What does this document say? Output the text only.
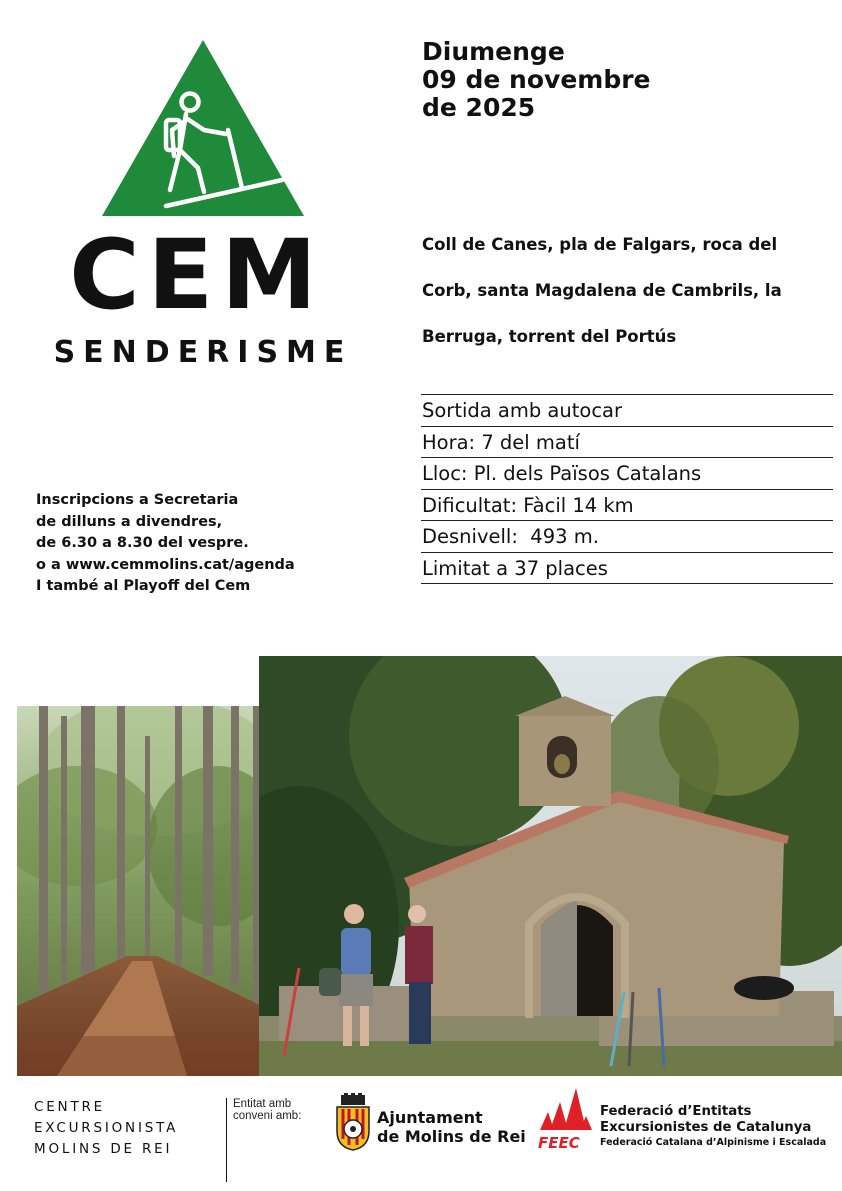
CEM
SENDERISME
Diumenge
09 de novembre
de 2025
Coll de Canes, pla de Falgars, roca del
Corb, santa Magdalena de Cambrils, la
Berruga, torrent del Portús
Sortida amb autocar
Hora: 7 del matí
Lloc: Pl. dels Països Catalans
Dificultat: Fàcil 14 km
Desnivell:  493 m.
Limitat a 37 places
Inscripcions a Secretaria
de dilluns a divendres,
de 6.30 a 8.30 del vespre.
o a www.cemmolins.cat/agenda
I també al Playoff del Cem
CENTRE
EXCURSIONISTA
MOLINS DE REI
Entitat amb
conveni amb:	Ajuntament
de Molins de Rei FEEC
Federació d’Entitats
Excursionistes de Catalunya
Federació Catalana d’Alpinisme i Escalada
